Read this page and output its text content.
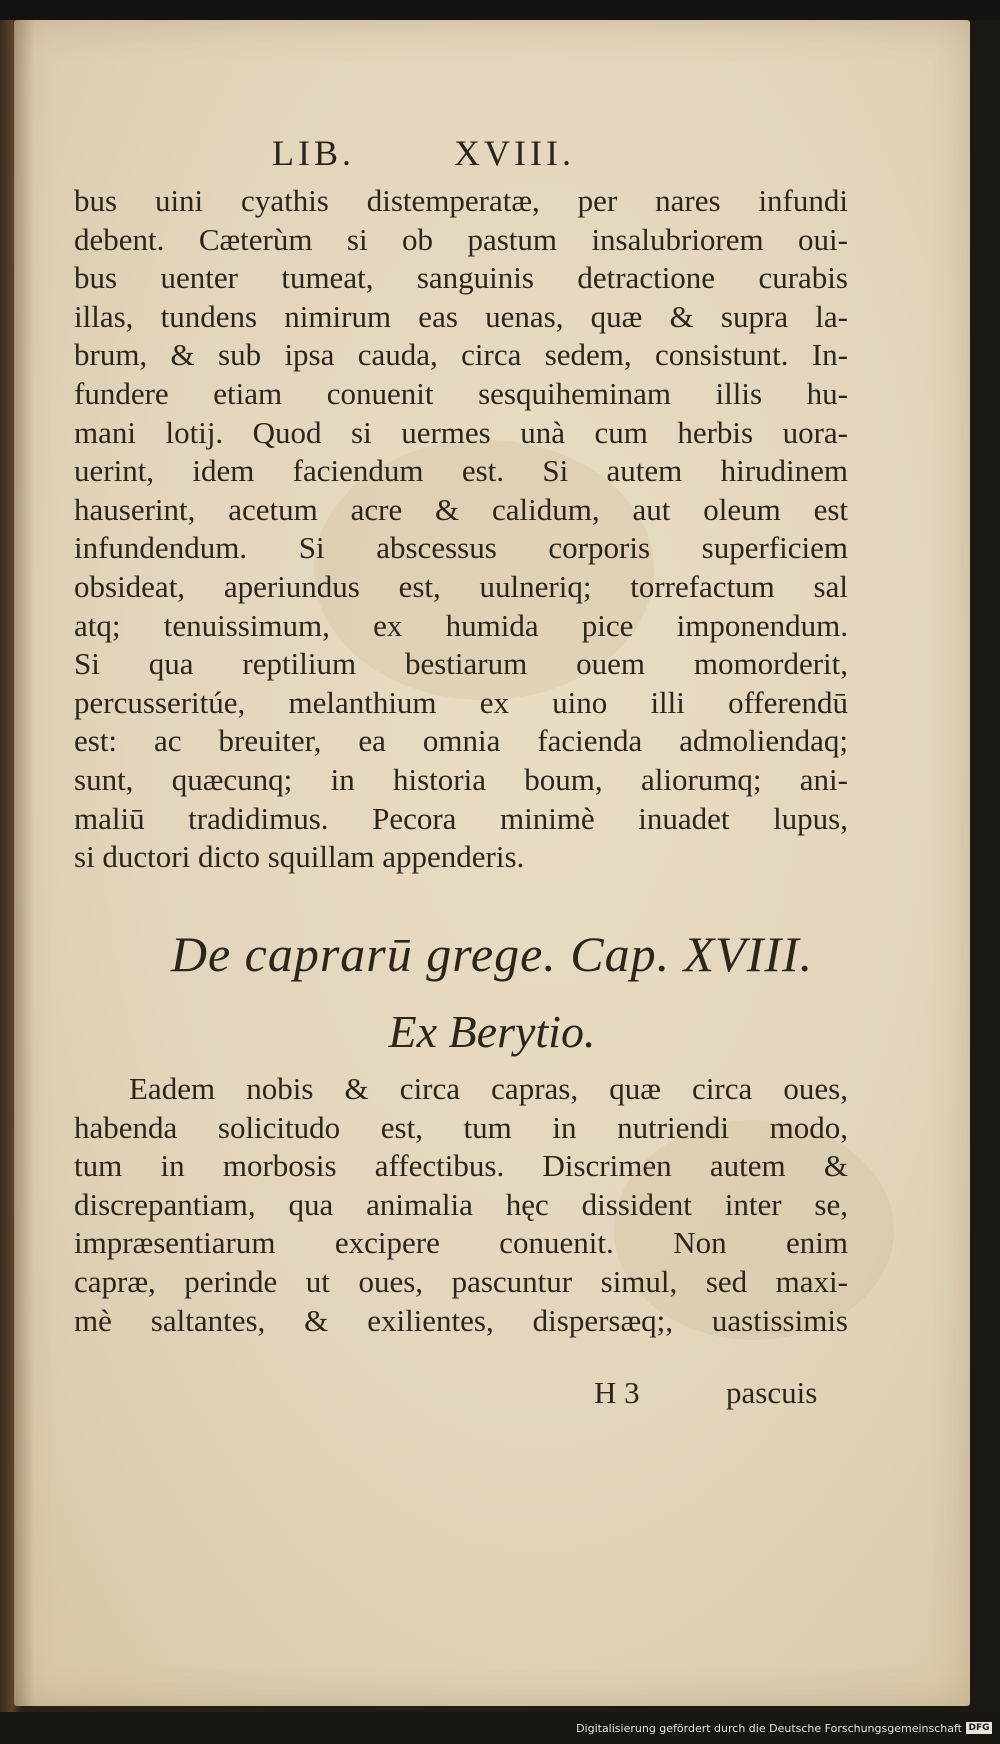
LIB.	XVIII.
bus uini cyathis distemperatæ, per nares infundi
debent. Cæterùm si ob pastum insalubriorem oui-
bus uenter tumeat, sanguinis detractione curabis
illas, tundens nimirum eas uenas, quæ & supra la-
brum, & sub ipsa cauda, circa sedem, consistunt. In-
fundere etiam conuenit sesquiheminam illis hu-
mani lotij. Quod si uermes unà cum herbis uora-
uerint, idem faciendum est. Si autem hirudinem
hauserint, acetum acre & calidum, aut oleum est
infundendum. Si abscessus corporis superficiem
obsideat, aperiundus est, uulneriq; torrefactum sal
atq; tenuissimum, ex humida pice imponendum.
Si qua reptilium bestiarum ouem momorderit,
percusseritúe, melanthium ex uino illi offerendū
est: ac breuiter, ea omnia facienda admoliendaq;
sunt, quæcunq; in historia boum, aliorumq; ani-
maliū tradidimus. Pecora minimè inuadet lupus,
si ductori dicto squillam appenderis.
De caprarū grege. Cap. XVIII.
Ex Berytio.
Eadem nobis & circa capras, quæ circa oues,
habenda solicitudo est, tum in nutriendi modo,
tum in morbosis affectibus. Discrimen autem &
discrepantiam, qua animalia hęc dissident inter se,
impræsentiarum excipere conuenit. Non enim
capræ, perinde ut oues, pascuntur simul, sed maxi-
mè saltantes, & exilientes, dispersæq;, uastissimis
H 3	pascuis
Digitalisierung gefördert durch die Deutsche Forschungsgemeinschaft DFG
